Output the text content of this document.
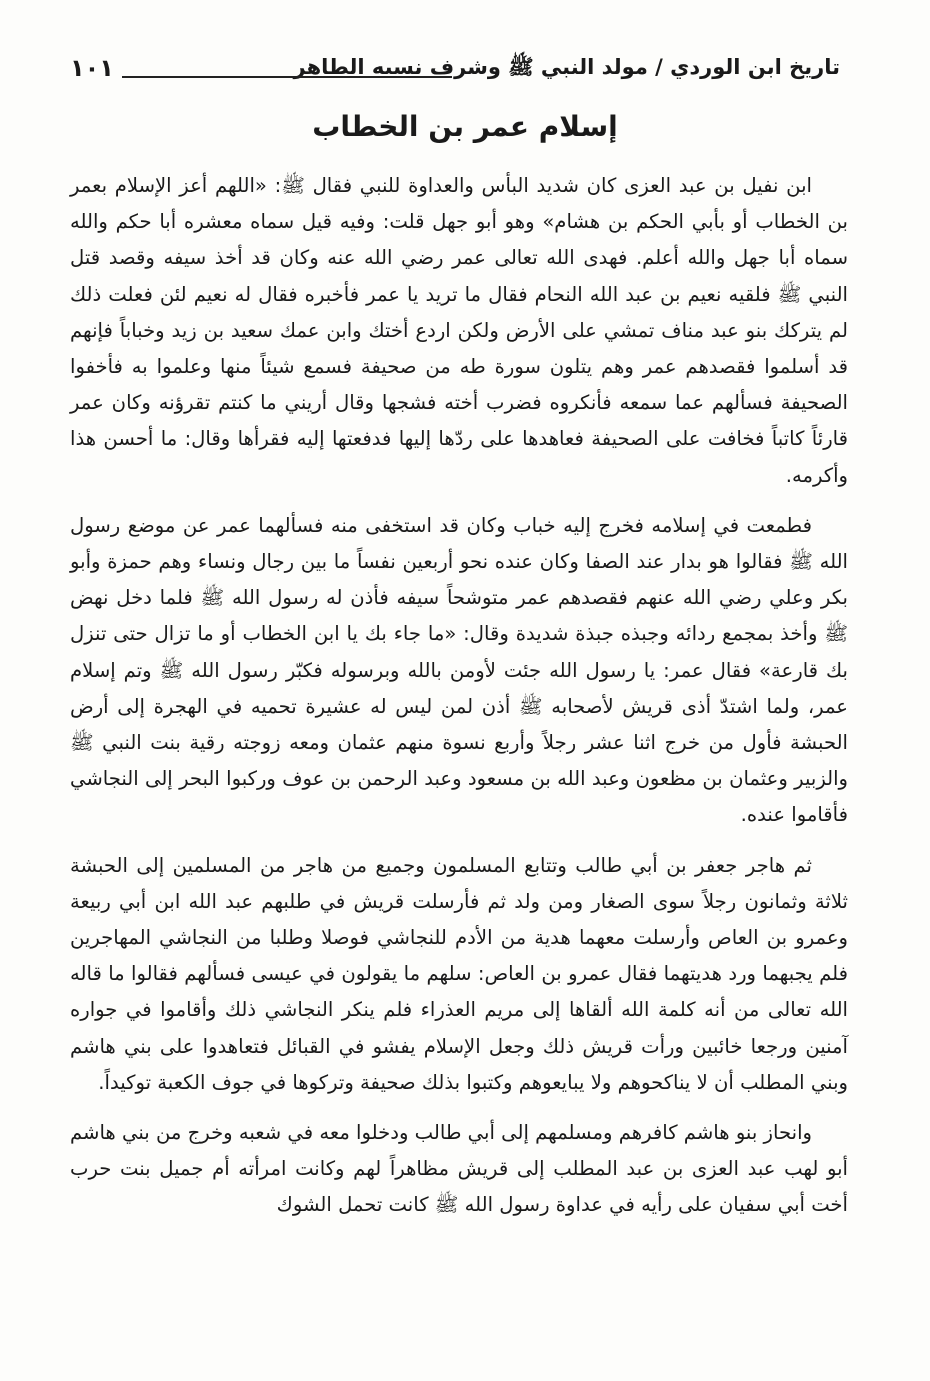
تاريخ ابن الوردي / مولد النبي ﷺ وشرف نسبه الطاهر
١٠١
إسلام عمر بن الخطاب

ابن نفيل بن عبد العزى كان شديد البأس والعداوة للنبي فقال ﷺ: «اللهم أعز الإسلام بعمر بن الخطاب أو بأبي الحكم بن هشام» وهو أبو جهل قلت: وفيه قيل سماه معشره أبا حكم والله سماه أبا جهل والله أعلم. فهدى الله تعالى عمر رضي الله عنه وكان قد أخذ سيفه وقصد قتل النبي ﷺ فلقيه نعيم بن عبد الله النحام فقال ما تريد يا عمر فأخبره فقال له نعيم لئن فعلت ذلك لم يتركك بنو عبد مناف تمشي على الأرض ولكن اردع أختك وابن عمك سعيد بن زيد وخباباً فإنهم قد أسلموا فقصدهم عمر وهم يتلون سورة طه من صحيفة فسمع شيئاً منها وعلموا به فأخفوا الصحيفة فسألهم عما سمعه فأنكروه فضرب أخته فشجها وقال أريني ما كنتم تقرؤنه وكان عمر قارئاً كاتباً فخافت على الصحيفة فعاهدها على ردّها إليها فدفعتها إليه فقرأها وقال: ما أحسن هذا وأكرمه.

فطمعت في إسلامه فخرج إليه خباب وكان قد استخفى منه فسألهما عمر عن موضع رسول الله ﷺ فقالوا هو بدار عند الصفا وكان عنده نحو أربعين نفساً ما بين رجال ونساء وهم حمزة وأبو بكر وعلي رضي الله عنهم فقصدهم عمر متوشحاً سيفه فأذن له رسول الله ﷺ فلما دخل نهض ﷺ وأخذ بمجمع ردائه وجبذه جبذة شديدة وقال: «ما جاء بك يا ابن الخطاب أو ما تزال حتى تنزل بك قارعة» فقال عمر: يا رسول الله جئت لأومن بالله وبرسوله فكبّر رسول الله ﷺ وتم إسلام عمر، ولما اشتدّ أذى قريش لأصحابه ﷺ أذن لمن ليس له عشيرة تحميه في الهجرة إلى أرض الحبشة فأول من خرج اثنا عشر رجلاً وأربع نسوة منهم عثمان ومعه زوجته رقية بنت النبي ﷺ والزبير وعثمان بن مظعون وعبد الله بن مسعود وعبد الرحمن بن عوف وركبوا البحر إلى النجاشي فأقاموا عنده.

ثم هاجر جعفر بن أبي طالب وتتابع المسلمون وجميع من هاجر من المسلمين إلى الحبشة ثلاثة وثمانون رجلاً سوى الصغار ومن ولد ثم فأرسلت قريش في طلبهم عبد الله ابن أبي ربيعة وعمرو بن العاص وأرسلت معهما هدية من الأدم للنجاشي فوصلا وطلبا من النجاشي المهاجرين فلم يجبهما ورد هديتهما فقال عمرو بن العاص: سلهم ما يقولون في عيسى فسألهم فقالوا ما قاله الله تعالى من أنه كلمة الله ألقاها إلى مريم العذراء فلم ينكر النجاشي ذلك وأقاموا في جواره آمنين ورجعا خائبين ورأت قريش ذلك وجعل الإسلام يفشو في القبائل فتعاهدوا على بني هاشم وبني المطلب أن لا يناكحوهم ولا يبايعوهم وكتبوا بذلك صحيفة وتركوها في جوف الكعبة توكيداً.

وانحاز بنو هاشم كافرهم ومسلمهم إلى أبي طالب ودخلوا معه في شعبه وخرج من بني هاشم أبو لهب عبد العزى بن عبد المطلب إلى قريش مظاهراً لهم وكانت امرأته أم جميل بنت حرب أخت أبي سفيان على رأيه في عداوة رسول الله ﷺ كانت تحمل الشوك
